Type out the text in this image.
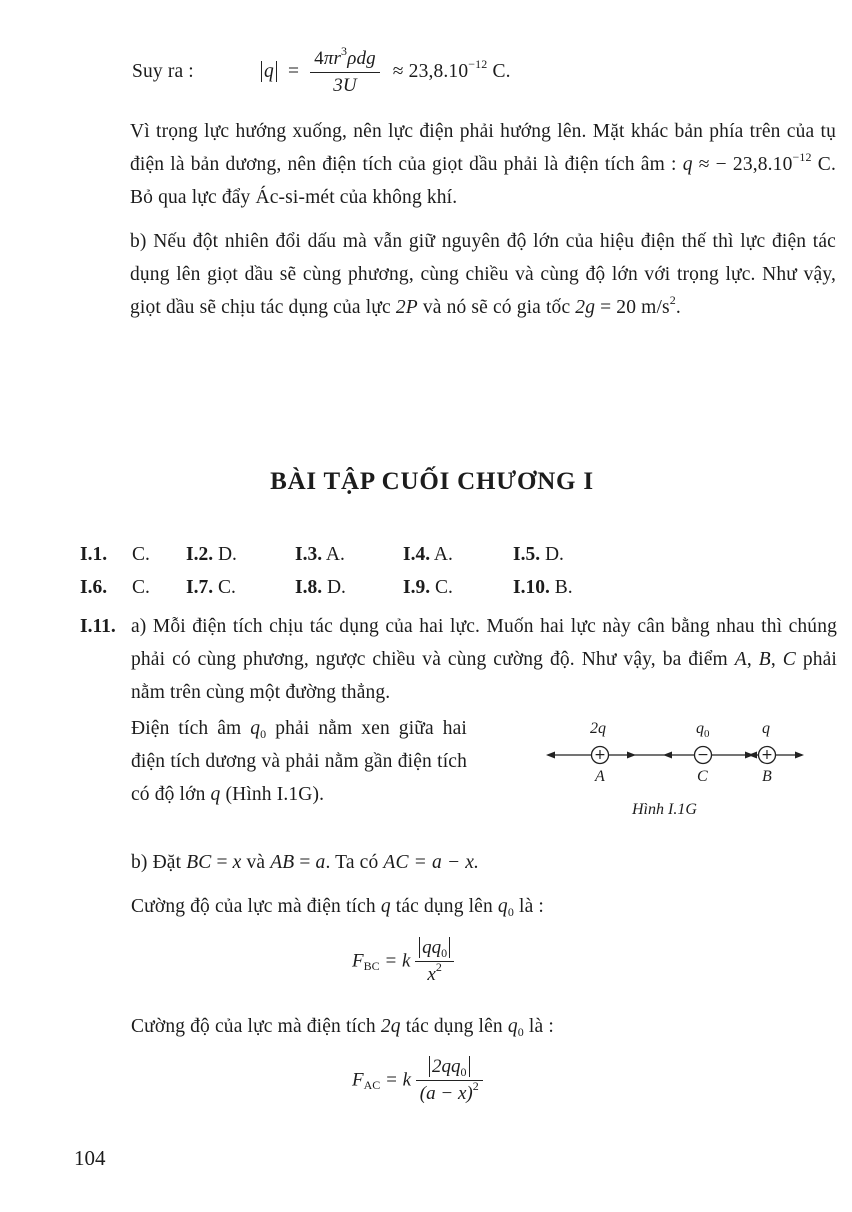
Suy ra :	$q = \frac{4\pi r^3\rho dg}{3U} \approx 23,8.10^{-12}$ C.
Vì trọng lực hướng xuống, nên lực điện phải hướng lên. Mặt khác bản phía trên của tụ điện là bản dương, nên điện tích của giọt dầu phải là điện tích âm : q ≈ − $23,8.10^{-12}$ C. Bỏ qua lực đẩy Ác-si-mét của không khí.
b) Nếu đột nhiên đổi dấu mà vẫn giữ nguyên độ lớn của hiệu điện thế thì lực điện tác dụng lên giọt dầu sẽ cùng phương, cùng chiều và cùng độ lớn với trọng lực. Như vậy, giọt dầu sẽ chịu tác dụng của lực 2P và nó sẽ có gia tốc 2g = 20 $m/s^2$.
BÀI TẬP CUỐI CHƯƠNG I
I.1. C. I.2. D.	I.3. A.	I.4. A.	I.5. D.
I.6. C. I.7. C.	I.8. D.	I.9. C.	I.10. B.
I.11. a) Mỗi điện tích chịu tác dụng của hai lực. Muốn hai lực này cân bằng nhau thì chúng phải có cùng phương, ngược chiều và cùng cường độ. Như vậy, ba điểm A, B, C phải nằm trên cùng một đường thẳng.
Điện tích âm $q_0$ phải nằm xen giữa hai điện tích dương và phải nằm gần điện tích có độ lớn q (Hình I.1G).
+	−	+
2q	$q_0$	q
A	C	B
Hình I.1G
b) Đặt BC = x và AB = a. Ta có AC = a − x.
Cường độ của lực mà điện tích q tác dụng lên $q_0$ là :
$F_{BC} = k \frac{qq_0}{x^2}$
Cường độ của lực mà điện tích 2q tác dụng lên $q_0$ là :
$F_{AC} = k \frac{2qq_0}{(a - x)^2}$
104
